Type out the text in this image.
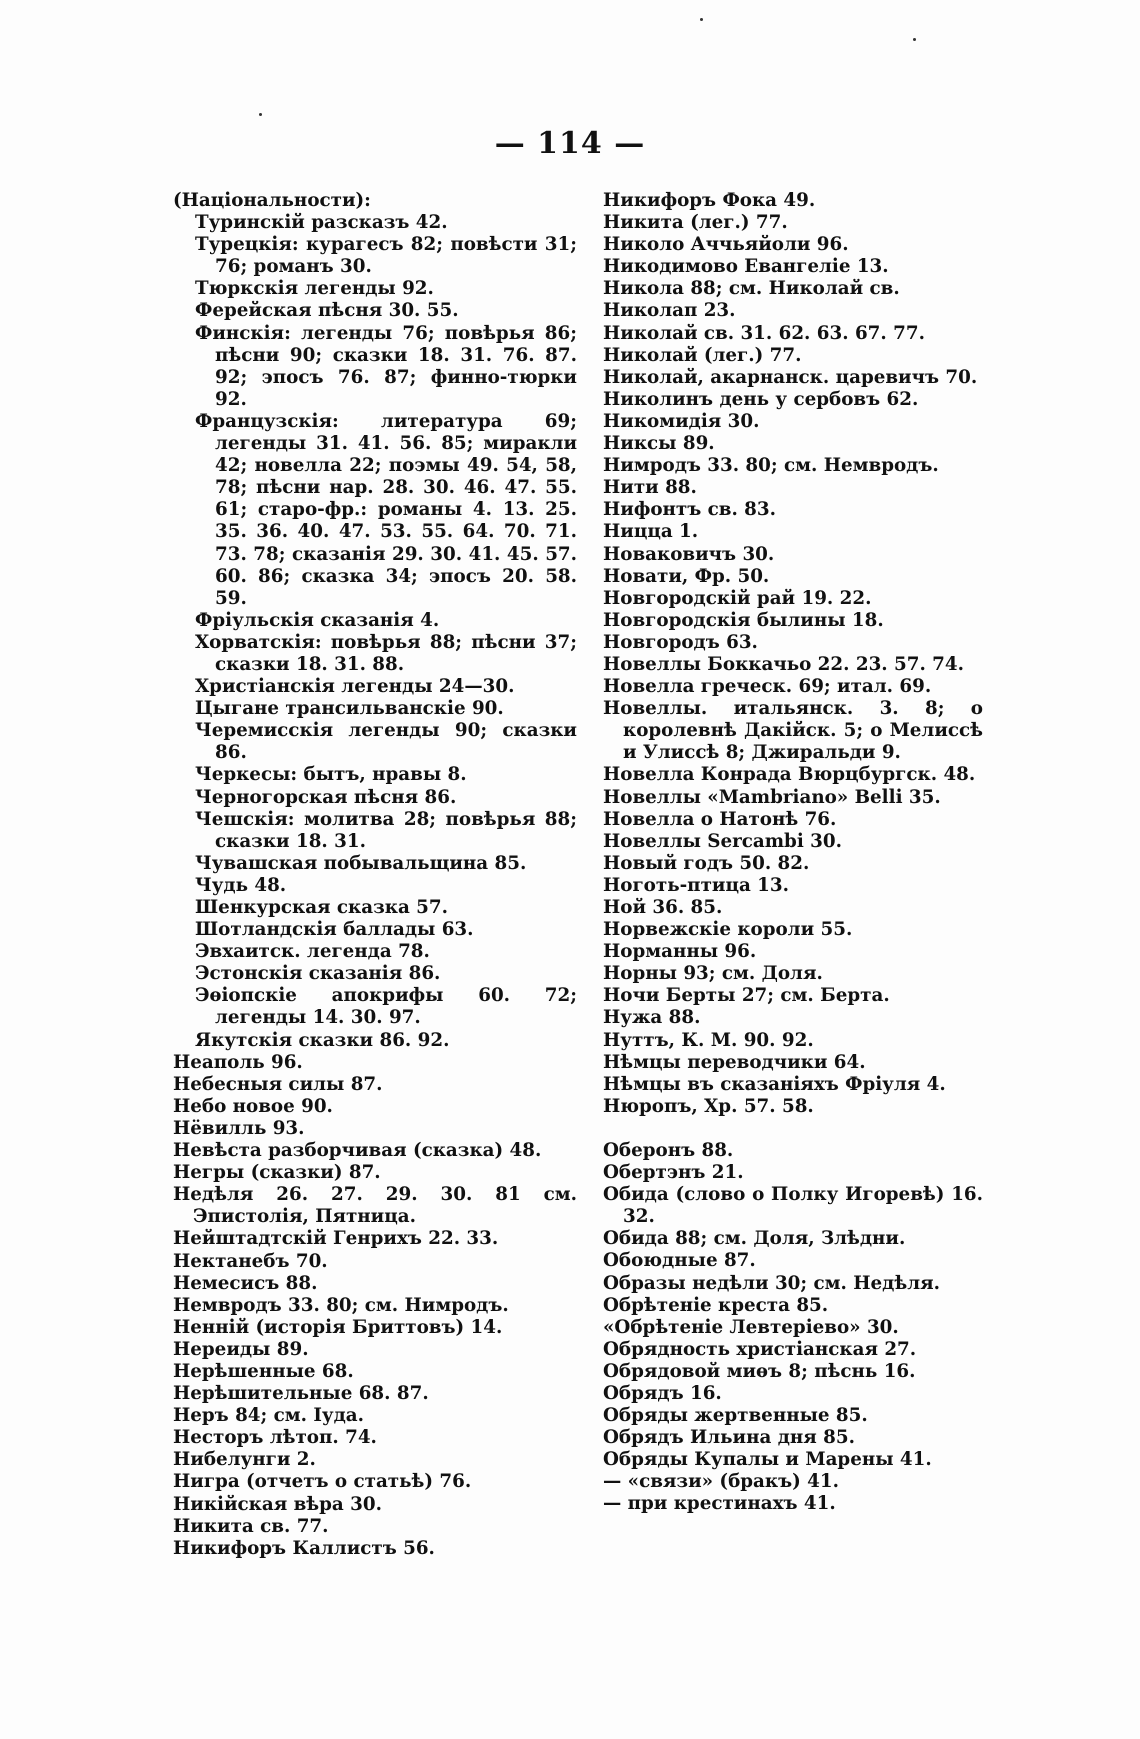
— 114 —

(Національности):

Туринскій разсказъ 42.

Турецкія: курагесъ 82; повѣсти 31; 76; романъ 30.

Тюркскія легенды 92.

Ферейская пѣсня 30. 55.

Финскія: легенды 76; повѣрья 86; пѣсни 90; сказки 18. 31. 76. 87. 92; эпосъ 76. 87; финно-тюрки 92.

Французскія: литература 69; легенды 31. 41. 56. 85; миракли 42; новелла 22; поэмы 49. 54, 58, 78; пѣсни нар. 28. 30. 46. 47. 55. 61; старо-фр.: романы 4. 13. 25. 35. 36. 40. 47. 53. 55. 64. 70. 71. 73. 78; сказанія 29. 30. 41. 45. 57. 60. 86; сказка 34; эпосъ 20. 58. 59.

Фріульскія сказанія 4.

Хорватскія: повѣрья 88; пѣсни 37; сказки 18. 31. 88.

Христіанскія легенды 24—30.

Цыгане трансильванскіе 90.

Черемисскія легенды 90; сказки 86.

Черкесы: бытъ, нравы 8.

Черногорская пѣсня 86.

Чешскія: молитва 28; повѣрья 88; сказки 18. 31.

Чувашская побывальщина 85.

Чудь 48.

Шенкурская сказка 57.

Шотландскія баллады 63.

Эвхаитск. легенда 78.

Эстонскія сказанія 86.

Эѳіопскіе апокрифы 60. 72; легенды 14. 30. 97.

Якутскія сказки 86. 92.

Неаполь 96.

Небесныя силы 87.

Небо новое 90.

Нёвилль 93.

Невѣста разборчивая (сказка) 48.

Негры (сказки) 87.

Недѣля 26. 27. 29. 30. 81 см. Эпистолія, Пятница.

Нейштадтскій Генрихъ 22. 33.

Нектанебъ 70.

Немесисъ 88.

Немвродъ 33. 80; см. Нимродъ.

Ненній (исторія Бриттовъ) 14.

Нерeиды 89.

Нерѣшенные 68.

Нерѣшительные 68. 87.

Неръ 84; см. Іуда.

Несторъ лѣтоп. 74.

Нибелунги 2.

Нигра (отчетъ о статьѣ) 76.

Никійская вѣра 30.

Никита св. 77.

Никифоръ Каллистъ 56.

Никифоръ Фока 49.

Никита (лег.) 77.

Николо Аччьяйоли 96.

Никодимово Евангеліе 13.

Никола 88; см. Николай св.

Николап 23.

Николай св. 31. 62. 63. 67. 77.

Николай (лег.) 77.

Николай, акарнанск. царевичъ 70.

Николинъ день у сербовъ 62.

Никомидія 30.

Никсы 89.

Нимродъ 33. 80; см. Немвродъ.

Нити 88.

Нифонтъ св. 83.

Ницца 1.

Новаковичъ 30.

Новати, Фр. 50.

Новгородскій рай 19. 22.

Новгородскія былины 18.

Новгородъ 63.

Новеллы Боккачьо 22. 23. 57. 74.

Новелла греческ. 69; итал. 69.

Новеллы. итальянск. 3. 8; о королевнѣ Дакійск. 5; о Мелиссѣ и Улиссѣ 8; Джиральди 9.

Новелла Конрада Вюрцбургск. 48.

Новеллы «Mambriano» Belli 35.

Новелла о Натонѣ 76.

Новеллы Sercambi 30.

Новый годъ 50. 82.

Ноготь-птица 13.

Ной 36. 85.

Норвежскіе короли 55.

Норманны 96.

Норны 93; см. Доля.

Ночи Берты 27; см. Берта.

Нужа 88.

Нуттъ, К. М. 90. 92.

Нѣмцы переводчики 64.

Нѣмцы въ сказаніяхъ Фріуля 4.

Нюропъ, Хр. 57. 58.

Оберонъ 88.

Обертэнъ 21.

Обида (слово о Полку Игоревѣ) 16. 32.

Обида 88; см. Доля, Злѣдни.

Обоюдные 87.

Образы недѣли 30; см. Недѣля.

Обрѣтеніе креста 85.

«Обрѣтеніе Левтеріево» 30.

Обрядность христіанская 27.

Обрядовой миѳъ 8; пѣснь 16.

Обрядъ 16.

Обряды жертвенные 85.

Обрядъ Ильина дня 85.

Обряды Купалы и Марены 41.

— «связи» (бракъ) 41.

— при крестинахъ 41.
